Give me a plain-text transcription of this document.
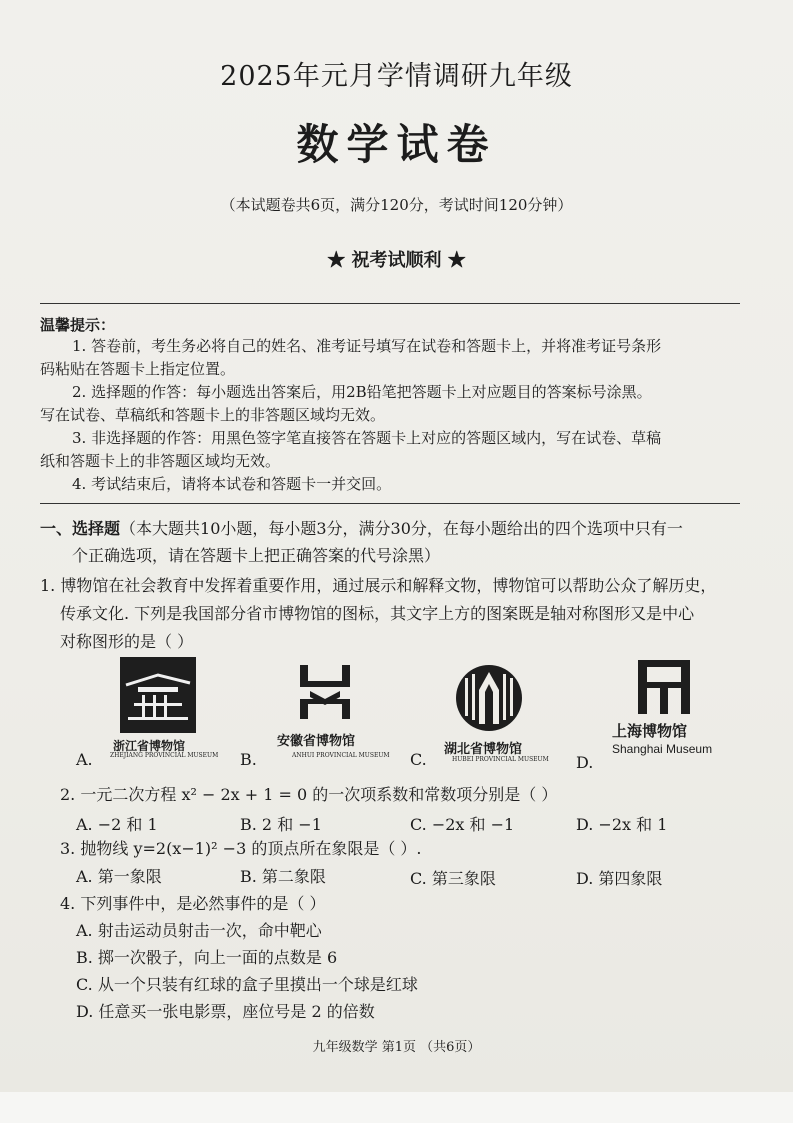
2025年元月学情调研九年级
数学试卷
（本试题卷共6页，满分120分，考试时间120分钟）
★ 祝考试顺利 ★
温馨提示：
1. 答卷前，考生务必将自己的姓名、准考证号填写在试卷和答题卡上，并将准考证号条形
码粘贴在答题卡上指定位置。
2. 选择题的作答：每小题选出答案后，用2B铅笔把答题卡上对应题目的答案标号涂黑。
写在试卷、草稿纸和答题卡上的非答题区域均无效。
3. 非选择题的作答：用黑色签字笔直接答在答题卡上对应的答题区域内，写在试卷、草稿
纸和答题卡上的非答题区域均无效。
4. 考试结束后，请将本试卷和答题卡一并交回。
一、选择题（本大题共10小题，每小题3分，满分30分，在每小题给出的四个选项中只有一
个正确选项，请在答题卡上把正确答案的代号涂黑）
1. 博物馆在社会教育中发挥着重要作用，通过展示和解释文物，博物馆可以帮助公众了解历史，
传承文化. 下列是我国部分省市博物馆的图标，其文字上方的图案既是轴对称图形又是中心
对称图形的是（ ）
A.
浙江省博物馆
ZHEJIANG PROVINCIAL MUSEUM B.
安徽省博物馆
ANHUI PROVINCIAL MUSEUM C.
湖北省博物馆
HUBEI PROVINCIAL MUSEUM D.
上海博物馆
Shanghai Museum
2. 一元二次方程 x² − 2x + 1 = 0 的一次项系数和常数项分别是（ ）
A. −2 和 1	B. 2 和 −1	C. −2x 和 −1	D. −2x 和 1
3. 抛物线 y=2(x−1)² −3 的顶点所在象限是（ ）.
A. 第一象限	B. 第二象限	C. 第三象限	D. 第四象限
4. 下列事件中，是必然事件的是（ ）
A. 射击运动员射击一次，命中靶心
B. 掷一次骰子，向上一面的点数是 6
C. 从一个只装有红球的盒子里摸出一个球是红球
D. 任意买一张电影票，座位号是 2 的倍数
九年级数学 第1页 （共6页）
